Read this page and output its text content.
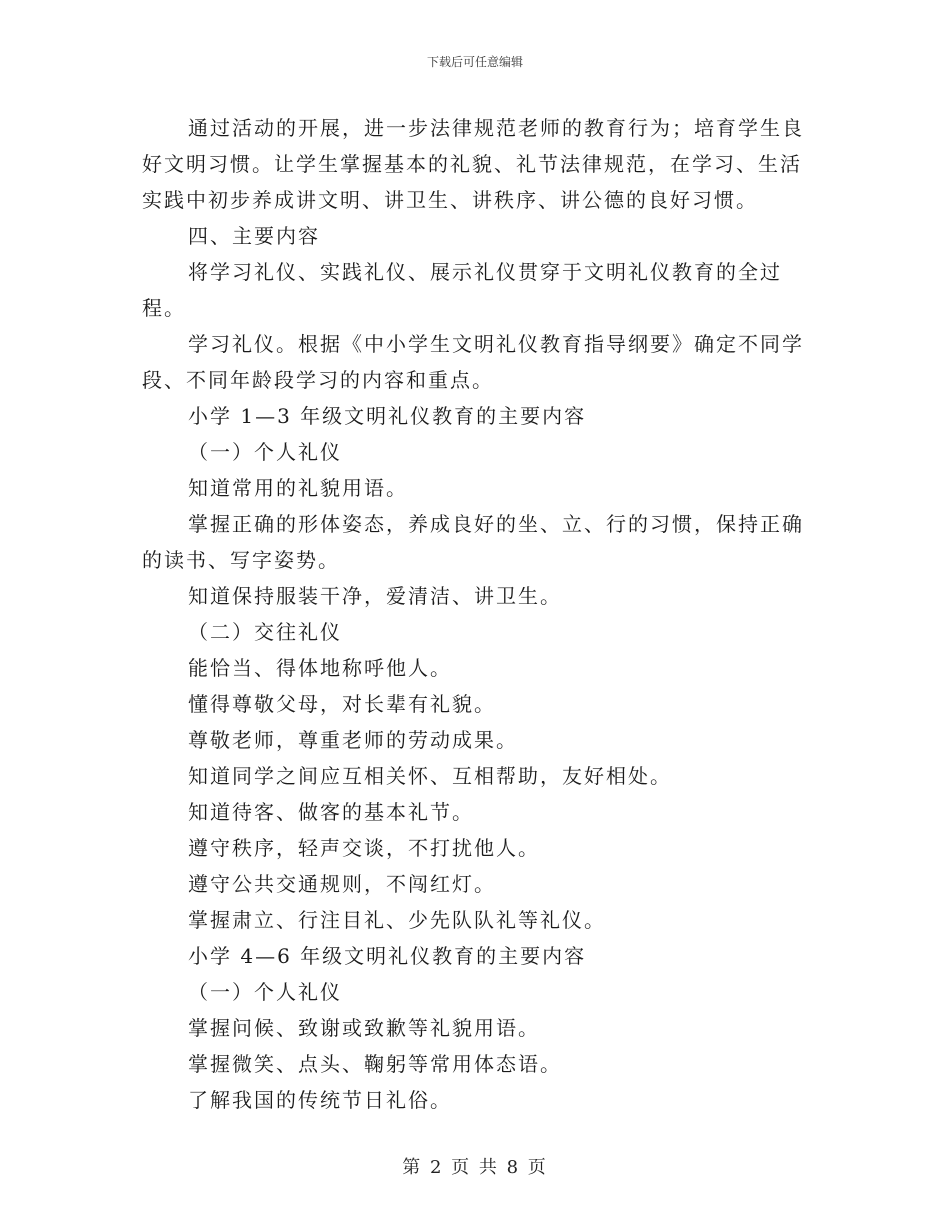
下载后可任意编辑

通过活动的开展，进一步法律规范老师的教育行为；培育学生良好文明习惯。让学生掌握基本的礼貌、礼节法律规范，在学习、生活实践中初步养成讲文明、讲卫生、讲秩序、讲公德的良好习惯。

四、主要内容

将学习礼仪、实践礼仪、展示礼仪贯穿于文明礼仪教育的全过程。

学习礼仪。根据《中小学生文明礼仪教育指导纲要》确定不同学段、不同年龄段学习的内容和重点。

小学 1—3 年级文明礼仪教育的主要内容

（一）个人礼仪

知道常用的礼貌用语。

掌握正确的形体姿态，养成良好的坐、立、行的习惯，保持正确的读书、写字姿势。

知道保持服装干净，爱清洁、讲卫生。

（二）交往礼仪

能恰当、得体地称呼他人。

懂得尊敬父母，对长辈有礼貌。

尊敬老师，尊重老师的劳动成果。

知道同学之间应互相关怀、互相帮助，友好相处。

知道待客、做客的基本礼节。

遵守秩序，轻声交谈，不打扰他人。

遵守公共交通规则，不闯红灯。

掌握肃立、行注目礼、少先队队礼等礼仪。

小学 4—6 年级文明礼仪教育的主要内容

（一）个人礼仪

掌握问候、致谢或致歉等礼貌用语。

掌握微笑、点头、鞠躬等常用体态语。

了解我国的传统节日礼俗。

第 2 页 共 8 页
